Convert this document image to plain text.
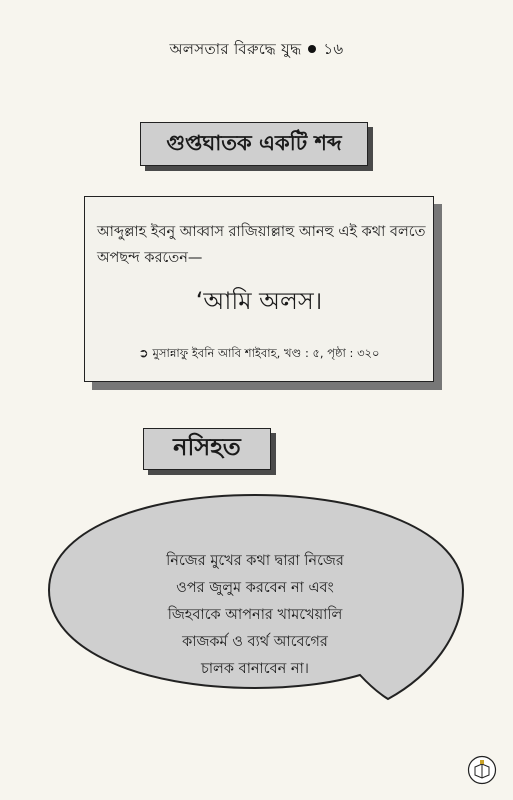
অলসতার বিরুদ্ধে যুদ্ধ ১৬
গুপ্তঘাতক একটি শব্দ
আব্দুল্লাহ ইবনু আব্বাস রাজিয়াল্লাহু আনহু এই কথা বলতে অপছন্দ করতেন—
‘আমি অলস।
➲ মুসান্নাফু ইবনি আবি শাইবাহ, খণ্ড : ৫, পৃষ্ঠা : ৩২০
নসিহত
নিজের মুখের কথা দ্বারা নিজের
ওপর জুলুম করবেন না এবং
জিহবাকে আপনার খামখেয়ালি
কাজকর্ম ও ব্যর্থ আবেগের
চালক বানাবেন না।
